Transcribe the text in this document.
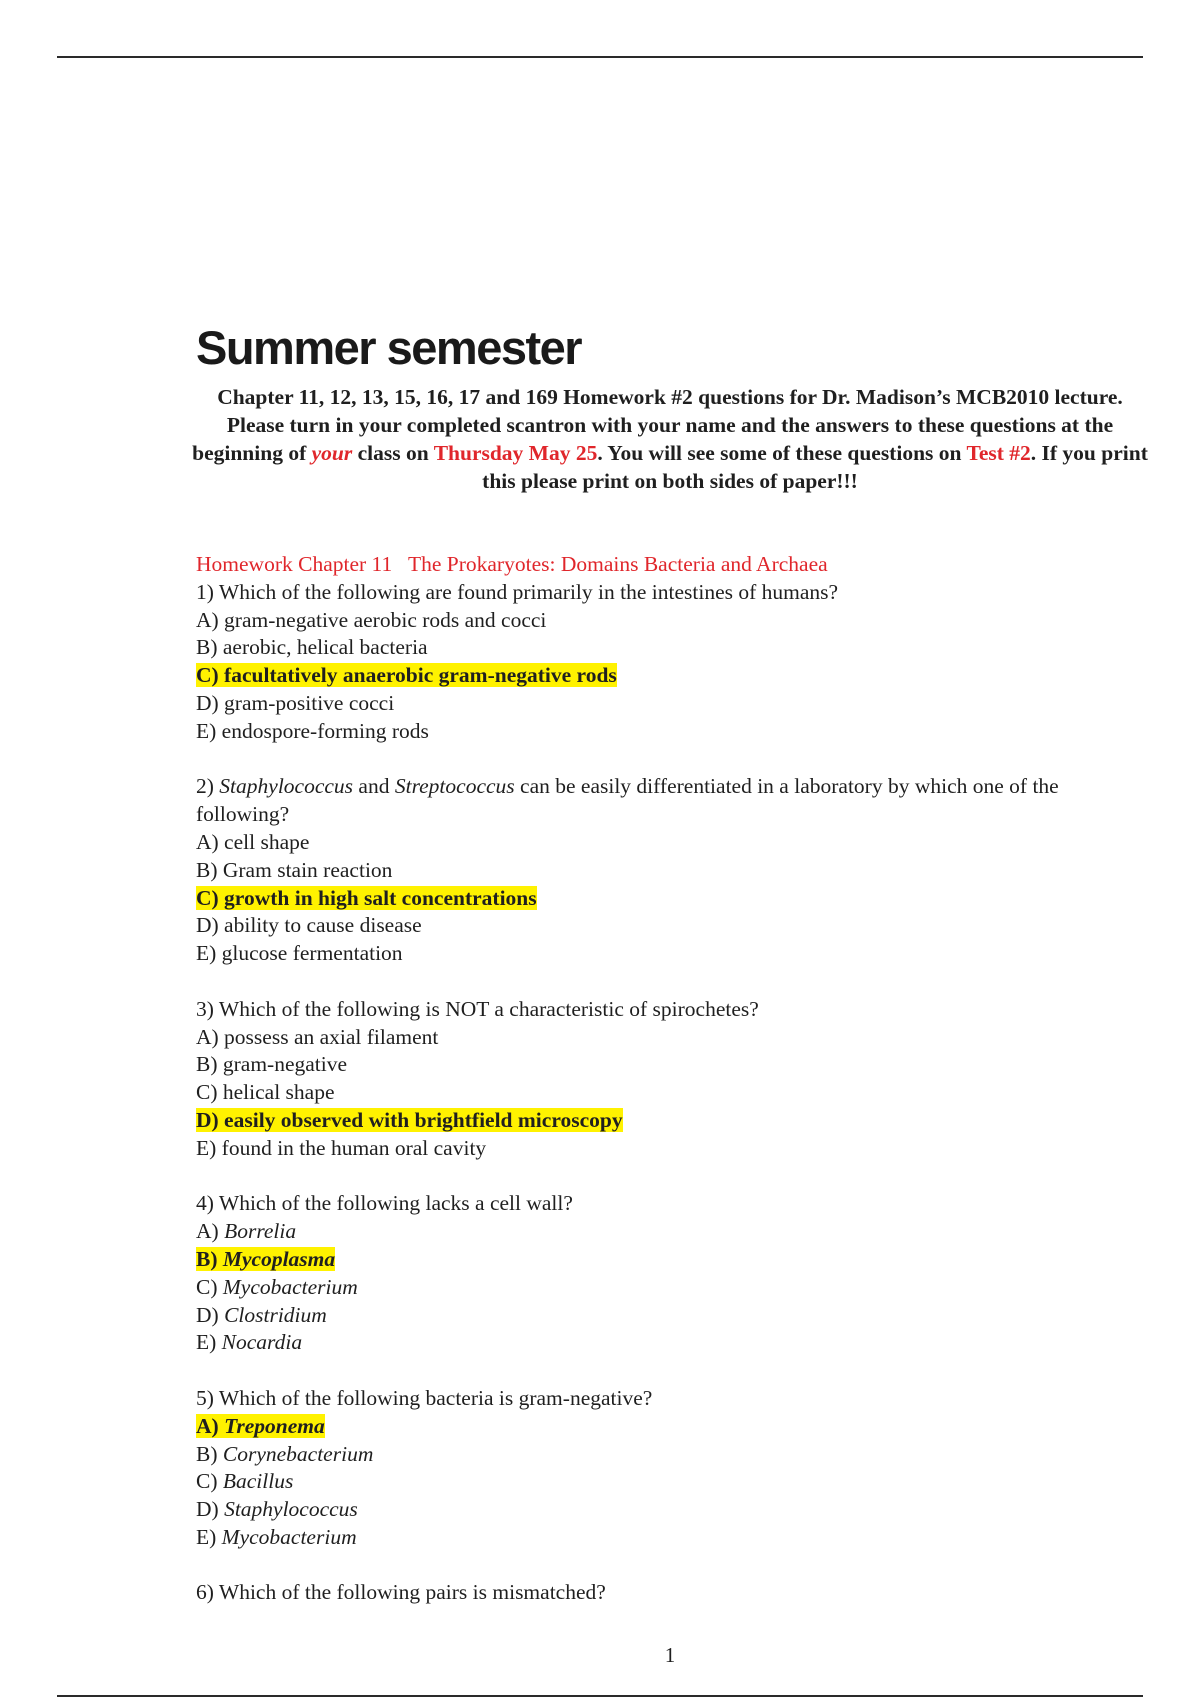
Summer semester
Chapter 11, 12, 13, 15, 16, 17 and 169 Homework #2 questions for Dr. Madison’s MCB2010 lecture. Please turn in your completed scantron with your name and the answers to these questions at the beginning of your class on Thursday May 25. You will see some of these questions on Test #2. If you print this please print on both sides of paper!!!
Homework Chapter 11   The Prokaryotes: Domains Bacteria and Archaea
1) Which of the following are found primarily in the intestines of humans?
A) gram-negative aerobic rods and cocci
B) aerobic, helical bacteria
C) facultatively anaerobic gram-negative rods
D) gram-positive cocci
E) endospore-forming rods
2) Staphylococcus and Streptococcus can be easily differentiated in a laboratory by which one of the following?
A) cell shape
B) Gram stain reaction
C) growth in high salt concentrations
D) ability to cause disease
E) glucose fermentation
3) Which of the following is NOT a characteristic of spirochetes?
A) possess an axial filament
B) gram-negative
C) helical shape
D) easily observed with brightfield microscopy
E) found in the human oral cavity
4) Which of the following lacks a cell wall?
A) Borrelia
B) Mycoplasma
C) Mycobacterium
D) Clostridium
E) Nocardia
5) Which of the following bacteria is gram-negative?
A) Treponema
B) Corynebacterium
C) Bacillus
D) Staphylococcus
E) Mycobacterium
6) Which of the following pairs is mismatched?
1
